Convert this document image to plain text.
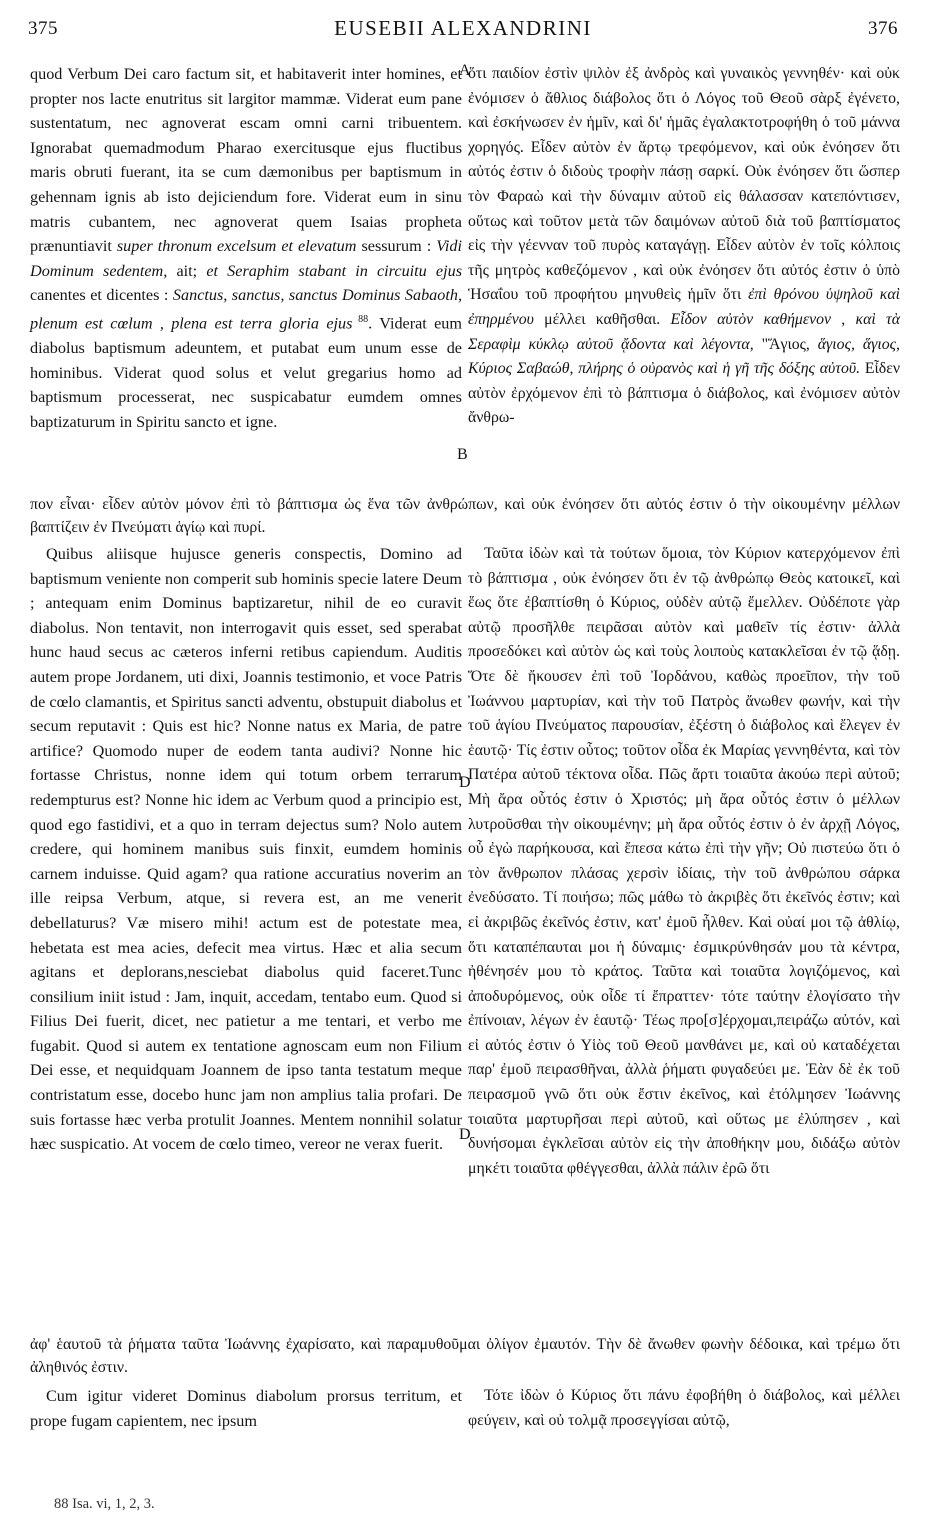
375	EUSEBII ALEXANDRINI	376

quod Verbum Dei caro factum sit, et habitaverit inter homines, et propter nos lacte enutritus sit largitor mammæ. Viderat eum pane sustentatum, nec agnoverat escam omni carni tribuentem. Ignorabat quemadmodum Pharao exercitusque ejus fluctibus maris obruti fuerant, ita se cum dæmonibus per baptismum in gehennam ignis ab isto dejiciendum fore. Viderat eum in sinu matris cubantem, nec agnoverat quem Isaias propheta prænuntiavit super thronum excelsum et elevatum sessurum : Vidi Dominum sedentem, ait; et Seraphim stabant in circuitu ejus canentes et dicentes : Sanctus, sanctus, sanctus Dominus Sabaoth, plenum est cœlum , plena est terra gloria ejus $^{88}$. Viderat eum diabolus baptismum adeuntem, et putabat eum unum esse de hominibus. Viderat quod solus et velut gregarius homo ad baptismum processerat, nec suspicabatur eumdem omnes baptizaturum in Spiritu sancto et igne.

ὅτι παιδίον ἐστὶν ψιλὸν ἐξ ἀνδρὸς καὶ γυναικὸς γεννηθέν· καὶ οὐκ ἐνόμισεν ὁ ἄθλιος διάβολος ὅτι ὁ Λόγος τοῦ Θεοῦ σὰρξ ἐγένετο, καὶ ἐσκήνωσεν ἐν ἡμῖν, καὶ δι' ἡμᾶς ἐγαλακτοτροφήθη ὁ τοῦ μάννα χορηγός. Εἶδεν αὐτὸν ἐν ἄρτῳ τρεφόμενον, καὶ οὐκ ἐνόησεν ὅτι αὐτός ἐστιν ὁ διδοὺς τροφὴν πάσῃ σαρκί. Οὐκ ἐνόησεν ὅτι ὥσπερ τὸν Φαραὼ καὶ τὴν δύναμιν αὐτοῦ εἰς θάλασσαν κατεπόντισεν, οὕτως καὶ τοῦτον μετὰ τῶν δαιμόνων αὐτοῦ διὰ τοῦ βαπτίσματος εἰς τὴν γέενναν τοῦ πυρὸς καταγάγῃ. Εἶδεν αὐτὸν ἐν τοῖς κόλποις τῆς μητρὸς καθεζόμενον , καὶ οὐκ ἐνόησεν ὅτι αὐτός ἐστιν ὁ ὑπὸ Ἡσαΐου τοῦ προφήτου μηνυθεὶς ἡμῖν ὅτι ἐπὶ θρόνου ὑψηλοῦ καὶ ἐπηρμένου μέλλει καθῆσθαι. Εἶδον αὐτὸν καθήμενον , καὶ τὰ Σεραφὶμ κύκλῳ αὐτοῦ ᾄδοντα καὶ λέγοντα, "Ἅγιος, ἅγιος, ἅγιος, Κύριος Σαβαώθ, πλήρης ὁ οὐρανὸς καὶ ἡ γῆ τῆς δόξης αὐτοῦ. Εἶδεν αὐτὸν ἐρχόμενον ἐπὶ τὸ βάπτισμα ὁ διάβολος, καὶ ἐνόμισεν αὐτὸν ἄνθρω-

A
B
πον εἶναι· εἶδεν αὐτὸν μόνον ἐπὶ τὸ βάπτισμα ὡς ἕνα τῶν ἀνθρώπων, καὶ οὐκ ἐνόησεν ὅτι αὐτός ἐστιν ὁ τὴν οἰκουμένην μέλλων βαπτίζειν ἐν Πνεύματι ἁγίῳ καὶ πυρί.

Quibus aliisque hujusce generis conspectis, Domino ad baptismum veniente non comperit sub hominis specie latere Deum ; antequam enim Dominus baptizaretur, nihil de eo curavit diabolus. Non tentavit, non interrogavit quis esset, sed sperabat hunc haud secus ac cæteros inferni retibus capiendum. Auditis autem prope Jordanem, uti dixi, Joannis testimonio, et voce Patris de cœlo clamantis, et Spiritus sancti adventu, obstupuit diabolus et secum reputavit : Quis est hic? Nonne natus ex Maria, de patre artifice? Quomodo nuper de eodem tanta audivi? Nonne hic fortasse Christus, nonne idem qui totum orbem terrarum redempturus est? Nonne hic idem ac Verbum quod a principio est, quod ego fastidivi, et a quo in terram dejectus sum? Nolo autem credere, qui hominem manibus suis finxit, eumdem hominis carnem induisse. Quid agam? qua ratione accuratius noverim an ille reipsa Verbum, atque, si revera est, an me venerit debellaturus? Væ misero mihi! actum est de potestate mea, hebetata est mea acies, defecit mea virtus. Hæc et alia secum agitans et deplorans,nesciebat diabolus quid faceret.Tunc consilium iniit istud : Jam, inquit, accedam, tentabo eum. Quod si Filius Dei fuerit, dicet, nec patietur a me tentari, et verbo me fugabit. Quod si autem ex tentatione agnoscam eum non Filium Dei esse, et nequidquam Joannem de ipso tanta testatum meque contristatum esse, docebo hunc jam non amplius talia profari. De suis fortasse hæc verba protulit Joannes. Mentem nonnihil solatur hæc suspicatio. At vocem de cœlo timeo, vereor ne verax fuerit.

Ταῦτα ἰδὼν καὶ τὰ τούτων ὅμοια, τὸν Κύριον κατερχόμενον ἐπὶ τὸ βάπτισμα , οὐκ ἐνόησεν ὅτι ἐν τῷ ἀνθρώπῳ Θεὸς κατοικεῖ, καὶ ἕως ὅτε ἐβαπτίσθη ὁ Κύριος, οὐδὲν αὐτῷ ἔμελλεν. Οὐδέποτε γὰρ αὐτῷ προσῆλθε πειρᾶσαι αὐτὸν καὶ μαθεῖν τίς ἐστιν· ἀλλὰ προσεδόκει καὶ αὐτὸν ὡς καὶ τοὺς λοιποὺς κατακλεῖσαι ἐν τῷ ᾅδῃ. Ὅτε δὲ ἤκουσεν ἐπὶ τοῦ Ἰορδάνου, καθὼς προεῖπον, τὴν τοῦ Ἰωάννου μαρτυρίαν, καὶ τὴν τοῦ Πατρὸς ἄνωθεν φωνήν, καὶ τὴν τοῦ ἁγίου Πνεύματος παρουσίαν, ἐξέστη ὁ διάβολος καὶ ἔλεγεν ἐν ἑαυτῷ· Τίς ἐστιν οὗτος; τοῦτον οἶδα ἐκ Μαρίας γεννηθέντα, καὶ τὸν Πατέρα αὐτοῦ τέκτονα οἶδα. Πῶς ἄρτι τοιαῦτα ἀκούω περὶ αὐτοῦ; Μὴ ἄρα οὗτός ἐστιν ὁ Χριστός; μὴ ἄρα οὗτός ἐστιν ὁ μέλλων λυτροῦσθαι τὴν οἰκουμένην; μὴ ἄρα οὗτός ἐστιν ὁ ἐν ἀρχῇ Λόγος, οὗ ἐγὼ παρήκουσα, καὶ ἔπεσα κάτω ἐπὶ τὴν γῆν; Οὐ πιστεύω ὅτι ὁ τὸν ἄνθρωπον πλάσας χερσὶν ἰδίαις, τὴν τοῦ ἀνθρώπου σάρκα ἐνεδύσατο. Τί ποιήσω; πῶς μάθω τὸ ἀκριβὲς ὅτι ἐκεῖνός ἐστιν; καὶ εἰ ἀκριβῶς ἐκεῖνός ἐστιν, κατ' ἐμοῦ ἦλθεν. Καὶ οὐαί μοι τῷ ἀθλίῳ, ὅτι καταπέπαυται μοι ἡ δύναμις· ἐσμικρύνθησάν μου τὰ κέντρα, ἠθένησέν μου τὸ κράτος. Ταῦτα καὶ τοιαῦτα λογιζόμενος, καὶ ἀποδυρόμενος, οὐκ οἶδε τί ἔπραττεν· τότε ταύτην ἐλογίσατο τὴν ἐπίνοιαν, λέγων ἐν ἑαυτῷ· Τέως προ[σ]έρχομαι,πειράζω αὐτόν, καὶ εἰ αὐτός ἐστιν ὁ Υἱὸς τοῦ Θεοῦ μανθάνει με, καὶ οὐ καταδέχεται παρ' ἐμοῦ πειρασθῆναι, ἀλλὰ ῥήματι φυγαδεύει με. Ἐὰν δὲ ἐκ τοῦ πειρασμοῦ γνῶ ὅτι οὐκ ἔστιν ἐκεῖνος, καὶ ἐτόλμησεν Ἰωάννης τοιαῦτα μαρτυρῆσαι περὶ αὐτοῦ, καὶ οὕτως με ἐλύπησεν , καὶ δυνήσομαι ἐγκλεῖσαι αὐτὸν εἰς τὴν ἀποθήκην μου, διδάξω αὐτὸν μηκέτι τοιαῦτα φθέγγεσθαι, ἀλλὰ πάλιν ἐρῶ ὅτι

D
D
ἀφ' ἑαυτοῦ τὰ ῥήματα ταῦτα Ἰωάννης ἐχαρίσατο, καὶ παραμυθοῦμαι ὀλίγον ἐμαυτόν. Τὴν δὲ ἄνωθεν φωνὴν δέδοικα, καὶ τρέμω ὅτι ἀληθινός ἐστιν.

Cum igitur videret Dominus diabolum prorsus territum, et prope fugam capientem, nec ipsum

Τότε ἰδὼν ὁ Κύριος ὅτι πάνυ ἐφοβήθη ὁ διάβολος, καὶ μέλλει φεύγειν, καὶ οὐ τολμᾷ προσεγγίσαι αὐτῷ,

88 Isa. vi, 1, 2, 3.
